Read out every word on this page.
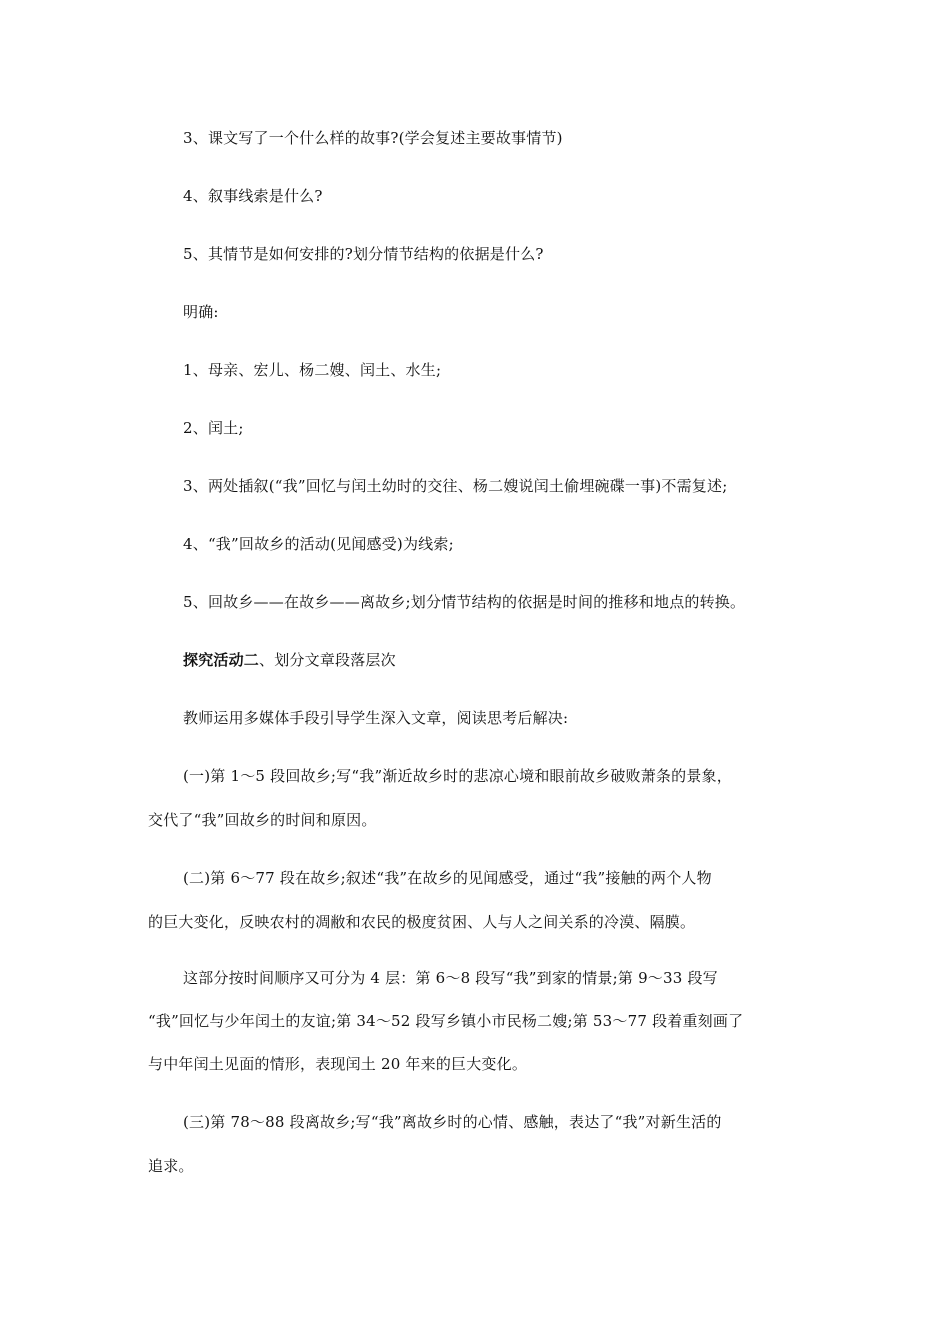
3、课文写了一个什么样的故事?(学会复述主要故事情节)
4、叙事线索是什么?
5、其情节是如何安排的?划分情节结构的依据是什么?
明确:
1、母亲、宏儿、杨二嫂、闰土、水生;
2、闰土;
3、两处插叙(“我”回忆与闰土幼时的交往、杨二嫂说闰土偷埋碗碟一事)不需复述;
4、“我”回故乡的活动(见闻感受)为线索;
5、回故乡——在故乡——离故乡;划分情节结构的依据是时间的推移和地点的转换。
探究活动二、划分文章段落层次
教师运用多媒体手段引导学生深入文章，阅读思考后解决:
(一)第 1～5 段回故乡;写“我”渐近故乡时的悲凉心境和眼前故乡破败萧条的景象，
交代了“我”回故乡的时间和原因。
(二)第 6～77 段在故乡;叙述“我”在故乡的见闻感受，通过“我”接触的两个人物
的巨大变化，反映农村的凋敝和农民的极度贫困、人与人之间关系的冷漠、隔膜。
这部分按时间顺序又可分为 4 层：第 6～8 段写“我”到家的情景;第 9～33 段写
“我”回忆与少年闰土的友谊;第 34～52 段写乡镇小市民杨二嫂;第 53～77 段着重刻画了
与中年闰土见面的情形，表现闰土 20 年来的巨大变化。
(三)第 78～88 段离故乡;写“我”离故乡时的心情、感触，表达了“我”对新生活的
追求。
